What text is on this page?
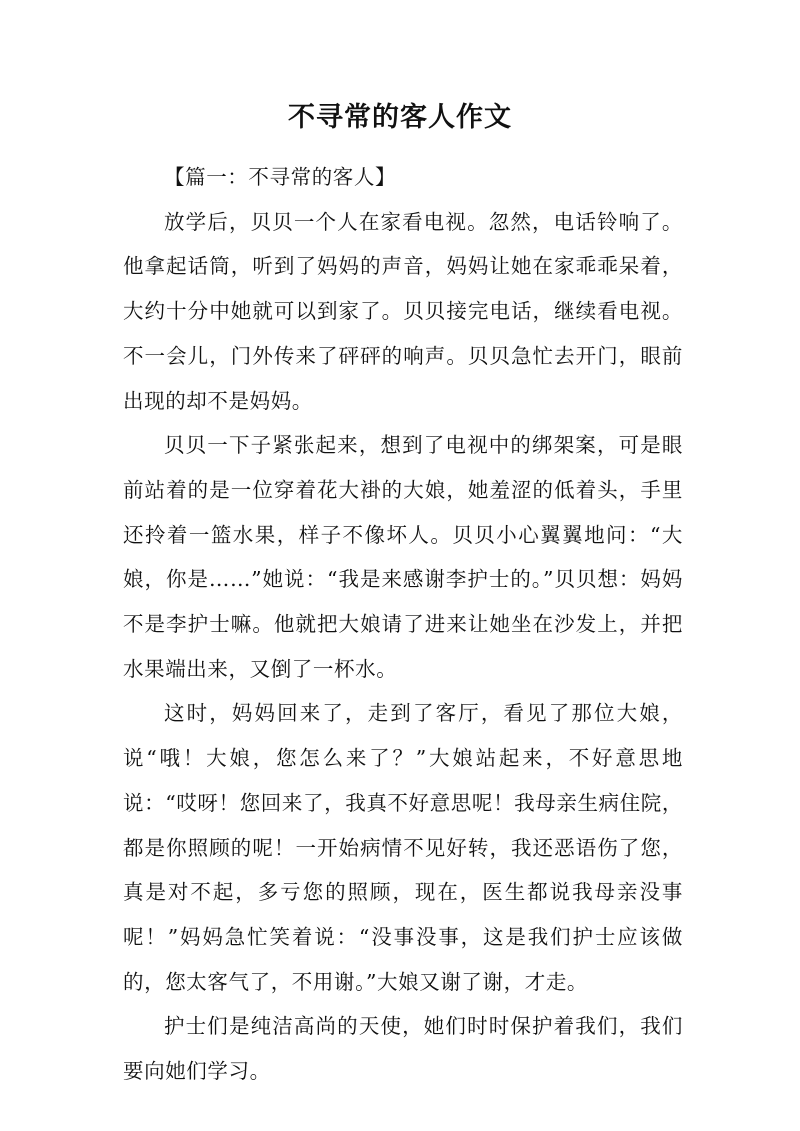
不寻常的客人作文

【篇一：不寻常的客人】

放学后，贝贝一个人在家看电视。忽然，电话铃响了。他拿起话筒，听到了妈妈的声音，妈妈让她在家乖乖呆着，大约十分中她就可以到家了。贝贝接完电话，继续看电视。不一会儿，门外传来了砰砰的响声。贝贝急忙去开门，眼前出现的却不是妈妈。

贝贝一下子紧张起来，想到了电视中的绑架案，可是眼前站着的是一位穿着花大褂的大娘，她羞涩的低着头，手里还拎着一篮水果，样子不像坏人。贝贝小心翼翼地问：“大娘，你是……”她说：“我是来感谢李护士的。”贝贝想：妈妈不是李护士嘛。他就把大娘请了进来让她坐在沙发上，并把水果端出来，又倒了一杯水。

这时，妈妈回来了，走到了客厅，看见了那位大娘，说“哦！大娘，您怎么来了？”大娘站起来，不好意思地说：“哎呀！您回来了，我真不好意思呢！我母亲生病住院，都是你照顾的呢！一开始病情不见好转，我还恶语伤了您，真是对不起，多亏您的照顾，现在，医生都说我母亲没事呢！”妈妈急忙笑着说：“没事没事，这是我们护士应该做的，您太客气了，不用谢。”大娘又谢了谢，才走。

护士们是纯洁高尚的天使，她们时时保护着我们，我们要向她们学习。
